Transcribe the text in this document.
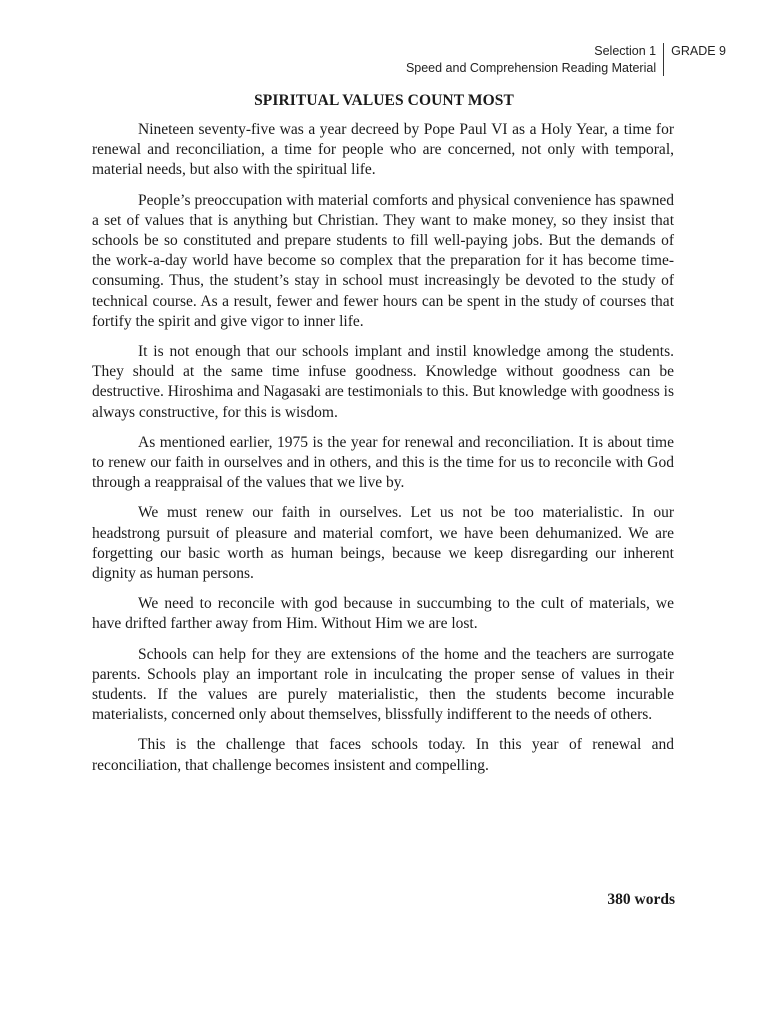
Selection 1
Speed and Comprehension Reading Material
GRADE 9
SPIRITUAL VALUES COUNT MOST

Nineteen seventy-five was a year decreed by Pope Paul VI as a Holy Year, a time for renewal and reconciliation, a time for people who are concerned, not only with temporal, material needs, but also with the spiritual life.

People’s preoccupation with material comforts and physical convenience has spawned a set of values that is anything but Christian. They want to make money, so they insist that schools be so constituted and prepare students to fill well-paying jobs. But the demands of the work-a-day world have become so complex that the preparation for it has become time-consuming. Thus, the student’s stay in school must increasingly be devoted to the study of technical course. As a result, fewer and fewer hours can be spent in the study of courses that fortify the spirit and give vigor to inner life.

It is not enough that our schools implant and instil knowledge among the students. They should at the same time infuse goodness. Knowledge without goodness can be destructive. Hiroshima and Nagasaki are testimonials to this. But knowledge with goodness is always constructive, for this is wisdom.

As mentioned earlier, 1975 is the year for renewal and reconciliation. It is about time to renew our faith in ourselves and in others, and this is the time for us to reconcile with God through a reappraisal of the values that we live by.

We must renew our faith in ourselves. Let us not be too materialistic. In our headstrong pursuit of pleasure and material comfort, we have been dehumanized. We are forgetting our basic worth as human beings, because we keep disregarding our inherent dignity as human persons.

We need to reconcile with god because in succumbing to the cult of materials, we have drifted farther away from Him. Without Him we are lost.

Schools can help for they are extensions of the home and the teachers are surrogate parents. Schools play an important role in inculcating the proper sense of values in their students. If the values are purely materialistic, then the students become incurable materialists, concerned only about themselves, blissfully indifferent to the needs of others.

This is the challenge that faces schools today. In this year of renewal and reconciliation, that challenge becomes insistent and compelling.

380 words
